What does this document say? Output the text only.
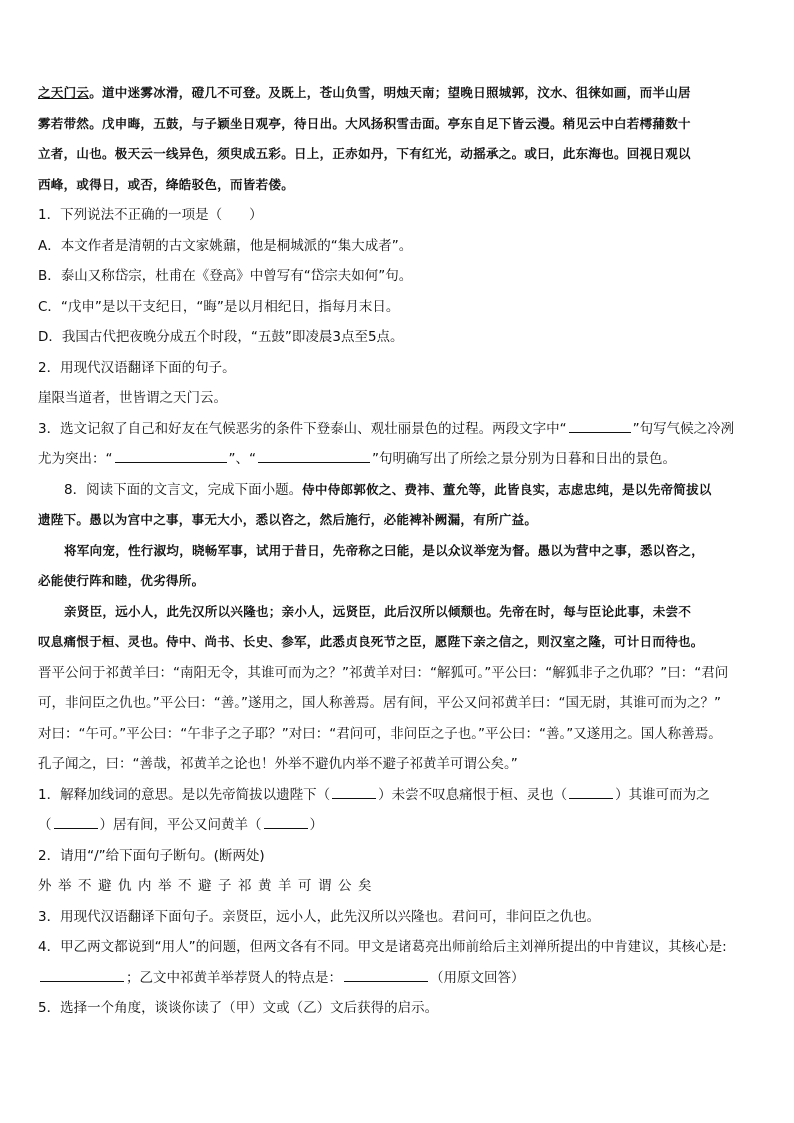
之天门云。道中迷雾冰滑，磴几不可登。及既上，苍山负雪，明烛天南；望晚日照城郭，汶水、徂徕如画，而半山居
雾若带然。戊申晦，五鼓，与子颖坐日观亭，待日出。大风扬积雪击面。亭东自足下皆云漫。稍见云中白若樗蒱数十
立者，山也。极天云一线异色，须臾成五彩。日上，正赤如丹，下有红光，动摇承之。或曰，此东海也。回视日观以
西峰，或得日，或否，绛皓驳色，而皆若偻。
1．下列说法不正确的一项是（　　）
A．本文作者是清朝的古文家姚鼐，他是桐城派的“集大成者”。
B．泰山又称岱宗，杜甫在《登高》中曾写有“岱宗夫如何”句。
C．“戊申”是以干支纪日，“晦”是以月相纪日，指每月末日。
D．我国古代把夜晚分成五个时段，“五鼓”即凌晨3点至5点。
2．用现代汉语翻译下面的句子。
崖限当道者，世皆谓之天门云。
3．选文记叙了自己和好友在气候恶劣的条件下登泰山、观壮丽景色的过程。两段文字中“	”句写气候之冷冽
尤为突出：“	”、“	”句明确写出了所绘之景分别为日暮和日出的景色。
8．阅读下面的文言文，完成下面小题。侍中侍郎郭攸之、费祎、董允等，此皆良实，志虑忠纯，是以先帝简拔以
遗陛下。愚以为宫中之事，事无大小，悉以咨之，然后施行，必能裨补阙漏，有所广益。
将军向宠，性行淑均，晓畅军事，试用于昔日，先帝称之曰能，是以众议举宠为督。愚以为营中之事，悉以咨之，
必能使行阵和睦，优劣得所。
亲贤臣，远小人，此先汉所以兴隆也；亲小人，远贤臣，此后汉所以倾颓也。先帝在时，每与臣论此事，未尝不
叹息痛恨于桓、灵也。侍中、尚书、长史、参军，此悉贞良死节之臣，愿陛下亲之信之，则汉室之隆，可计日而待也。
晋平公问于祁黄羊曰：“南阳无令，其谁可而为之？”祁黄羊对曰：“解狐可。”平公曰：“解狐非子之仇耶？”曰：“君问
可，非问臣之仇也。”平公曰：“善。”遂用之，国人称善焉。居有间，平公又问祁黄羊曰：“国无尉，其谁可而为之？”
对曰：“午可。”平公曰：“午非子之子耶？”对曰：“君问可，非问臣之子也。”平公曰：“善。”又遂用之。国人称善焉。
孔子闻之，曰：“善哉，祁黄羊之论也！外举不避仇内举不避子祁黄羊可谓公矣。”
1．解释加线词的意思。是以先帝简拔以遗陛下（	）未尝不叹息痛恨于桓、灵也（	）其谁可而为之
（	）居有间，平公又问黄羊（	）
2．请用“/”给下面句子断句。(断两处)
外举不避仇内举不避子祁黄羊可谓公矣
3．用现代汉语翻译下面句子。亲贤臣，远小人，此先汉所以兴隆也。君问可，非问臣之仇也。
4．甲乙两文都说到“用人”的问题，但两文各有不同。甲文是诸葛亮出师前给后主刘禅所提出的中肯建议，其核心是:
；乙文中祁黄羊举荐贤人的特点是：	（用原文回答）
5．选择一个角度，谈谈你读了（甲）文或（乙）文后获得的启示。
